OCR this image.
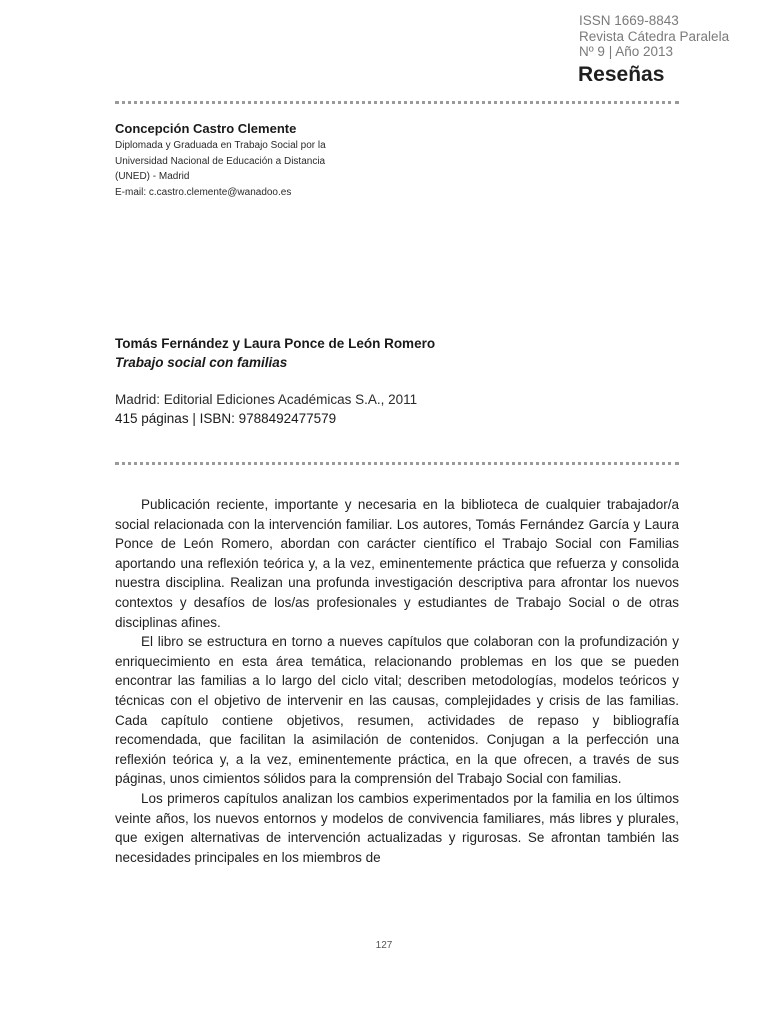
ISSN 1669-8843
Revista Cátedra Paralela
Nº 9 | Año 2013
Reseñas
Concepción Castro Clemente
Diplomada y Graduada en Trabajo Social por la
Universidad Nacional de Educación a Distancia
(UNED) - Madrid
E-mail: c.castro.clemente@wanadoo.es
Tomás Fernández y Laura Ponce de León Romero
Trabajo social con familias
Madrid: Editorial Ediciones Académicas S.A., 2011
415 páginas | ISBN: 9788492477579

Publicación reciente, importante y necesaria en la biblioteca de cualquier trabajador/a social relacionada con la intervención familiar. Los autores, Tomás Fernández García y Laura Ponce de León Romero, abordan con carácter científico el Trabajo Social con Familias aportando una reflexión teórica y, a la vez, eminentemente práctica que refuerza y consolida nuestra disciplina. Realizan una profunda investigación descriptiva para afrontar los nuevos contextos y desafíos de los/as profesionales y estudiantes de Trabajo Social o de otras disciplinas afines.

El libro se estructura en torno a nueves capítulos que colaboran con la profundización y enriquecimiento en esta área temática, relacionando problemas en los que se pueden encontrar las familias a lo largo del ciclo vital; describen metodologías, modelos teóricos y técnicas con el objetivo de intervenir en las causas, complejidades y crisis de las familias. Cada capítulo contiene objetivos, resumen, actividades de repaso y bibliografía recomendada, que facilitan la asimilación de contenidos. Conjugan a la perfección una reflexión teórica y, a la vez, eminentemente práctica, en la que ofrecen, a través de sus páginas, unos cimientos sólidos para la comprensión del Trabajo Social con familias.

Los primeros capítulos analizan los cambios experimentados por la familia en los últimos veinte años, los nuevos entornos y modelos de convivencia familiares, más libres y plurales, que exigen alternativas de intervención actualizadas y rigurosas. Se afrontan también las necesidades principales en los miembros de

127
